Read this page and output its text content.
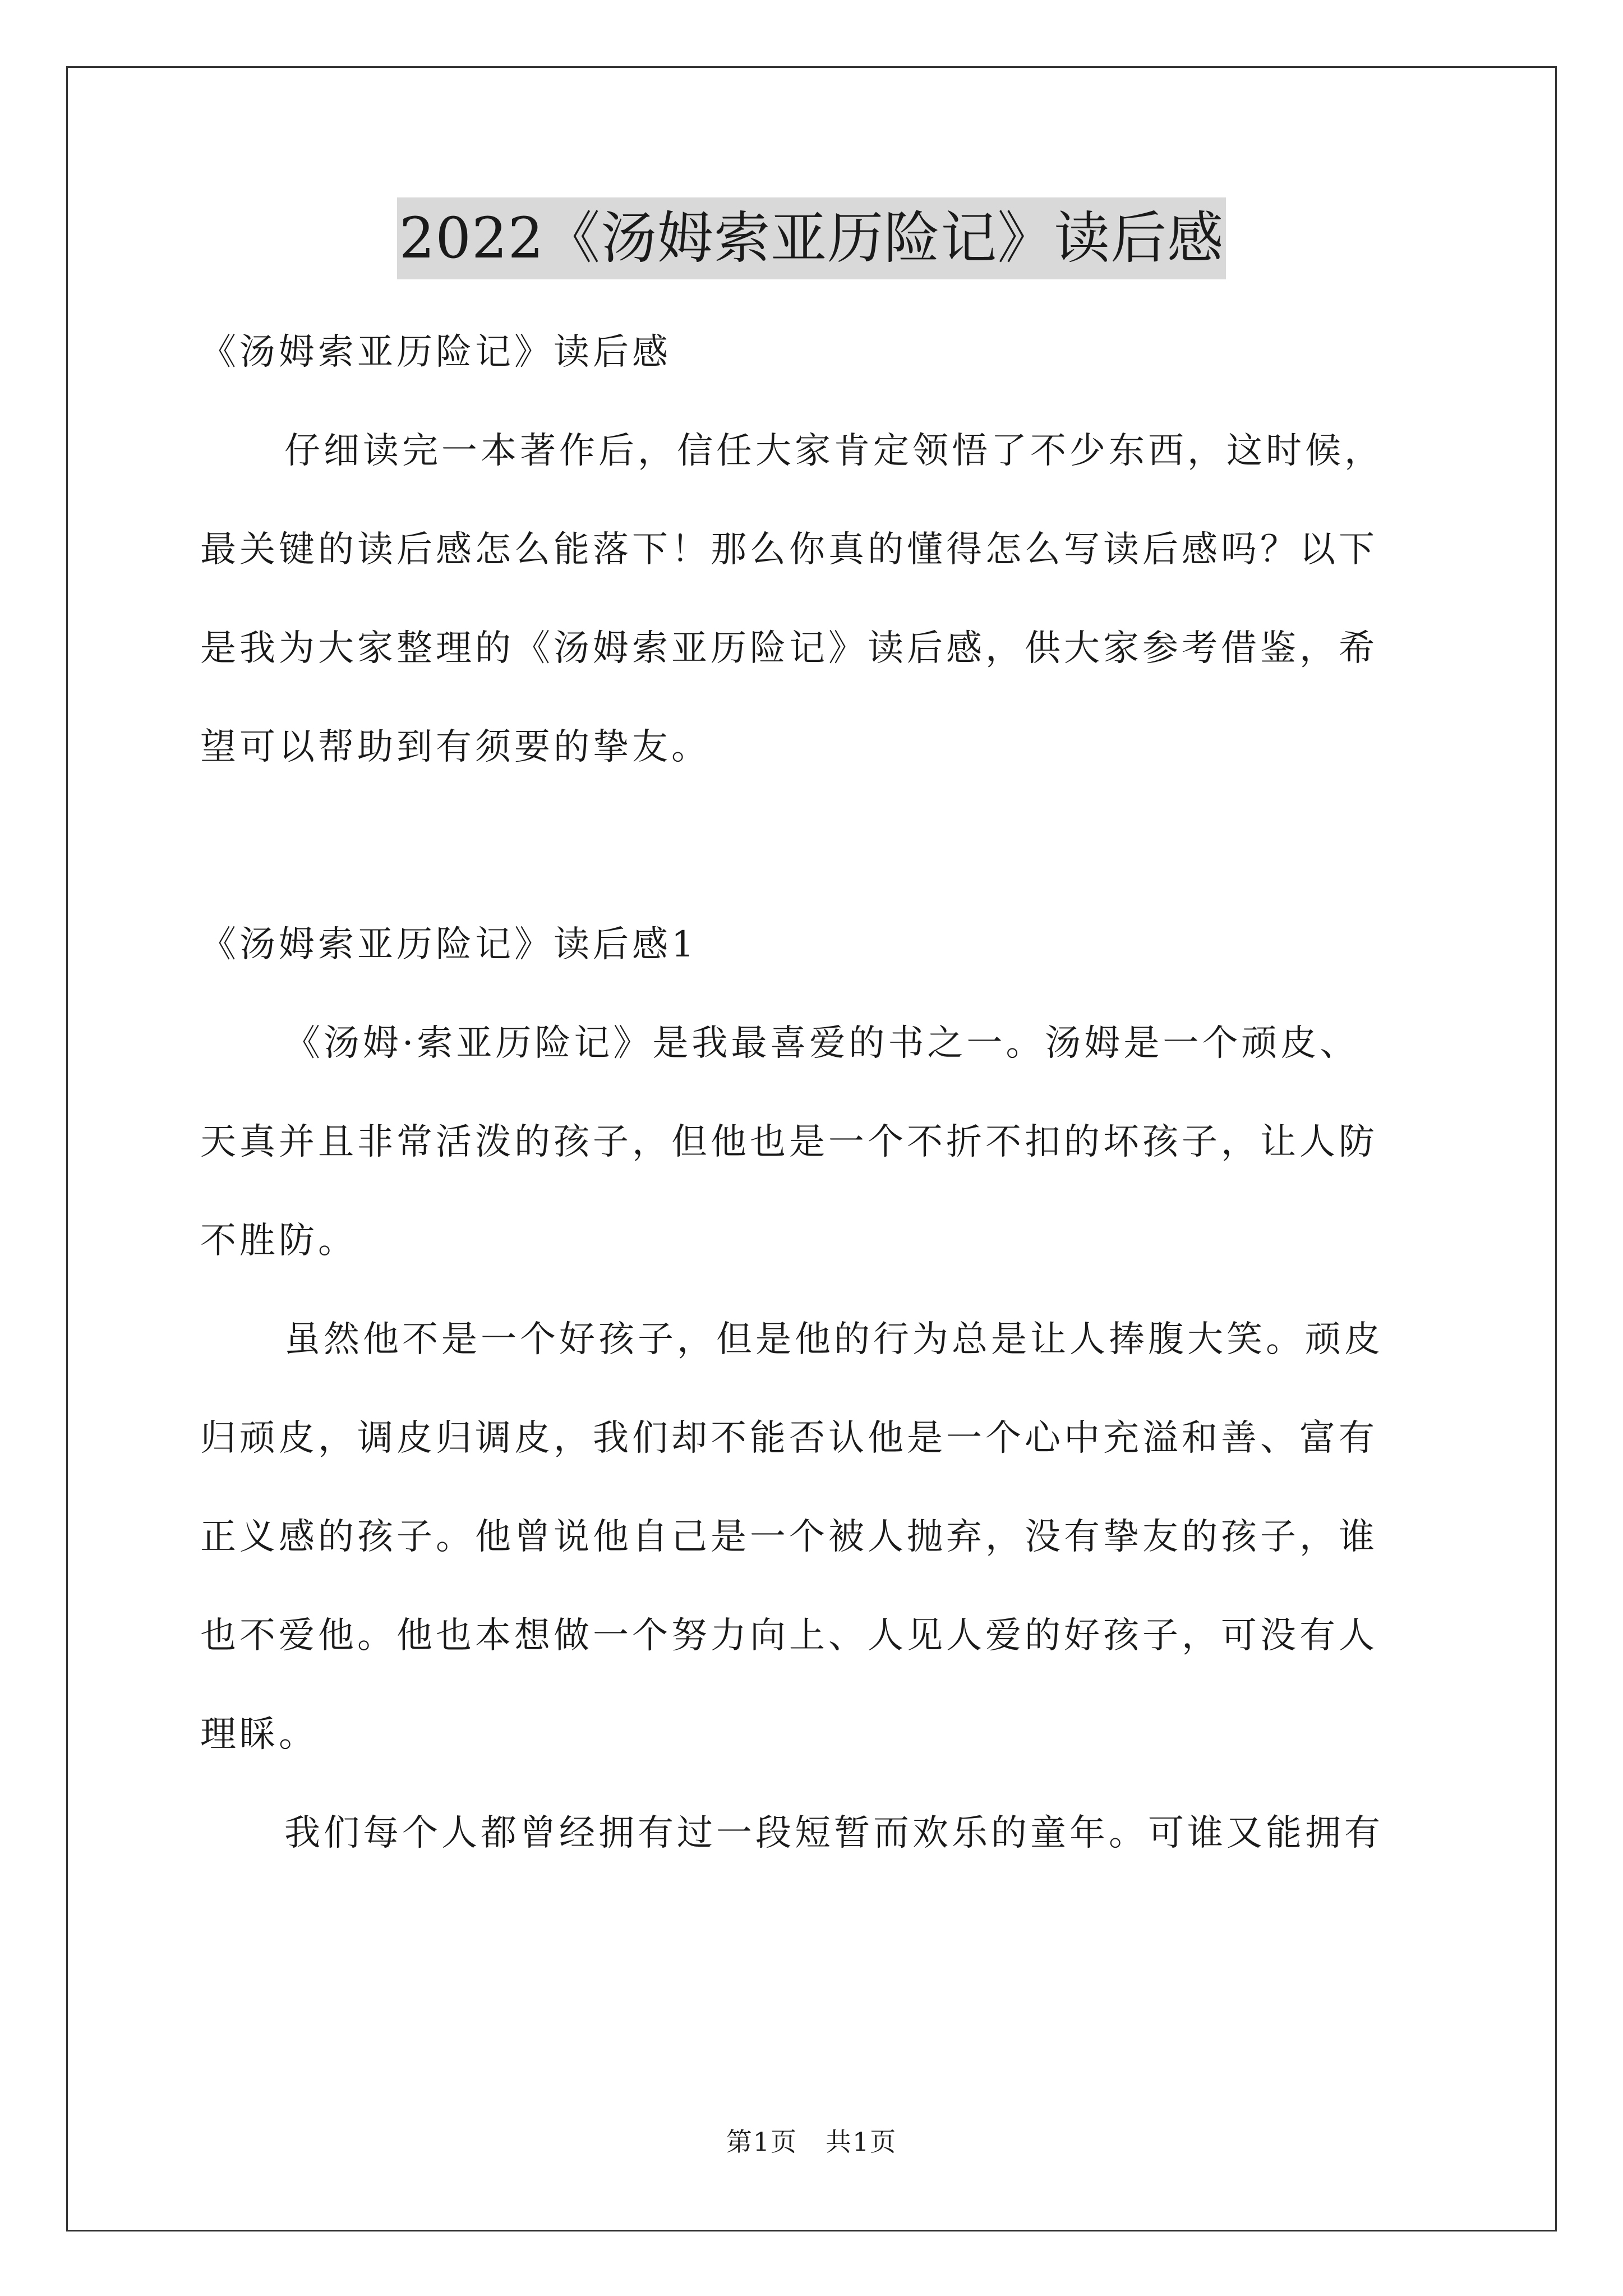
2022《汤姆索亚历险记》读后感

《汤姆索亚历险记》读后感

仔细读完一本著作后，信任大家肯定领悟了不少东西，这时候，

最关键的读后感怎么能落下！那么你真的懂得怎么写读后感吗？以下

是我为大家整理的《汤姆索亚历险记》读后感，供大家参考借鉴，希

望可以帮助到有须要的挚友。

《汤姆索亚历险记》读后感1

《汤姆·索亚历险记》是我最喜爱的书之一。汤姆是一个顽皮、

天真并且非常活泼的孩子，但他也是一个不折不扣的坏孩子，让人防

不胜防。

虽然他不是一个好孩子，但是他的行为总是让人捧腹大笑。顽皮

归顽皮，调皮归调皮，我们却不能否认他是一个心中充溢和善、富有

正义感的孩子。他曾说他自己是一个被人抛弃，没有挚友的孩子，谁

也不爱他。他也本想做一个努力向上、人见人爱的好孩子，可没有人

理睬。

我们每个人都曾经拥有过一段短暂而欢乐的童年。可谁又能拥有

第1页 共1页
